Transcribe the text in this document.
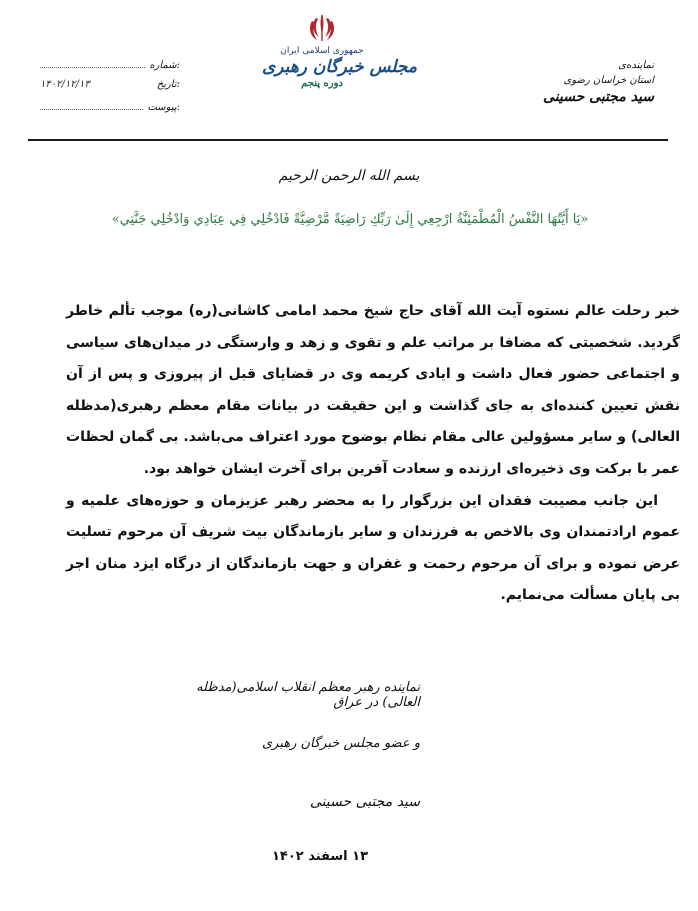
شماره:
تاریخ:
۱۴۰۲/۱۲/۱۳
پیوست:
جمهوری اسلامی ایران
مجلس خبرگان رهبری
دوره پنجم
نماینده‌ی
استان خراسان رضوی
سید مجتبی حسینی
بسم الله الرحمن الرحیم
«يَا أَيَّتُهَا النَّفْسُ الْمُطْمَئِنَّةُ ارْجِعِي إِلَىٰ رَبِّكِ رَاضِيَةً مَّرْضِيَّةً فَادْخُلِي فِي عِبَادِي وَادْخُلِي جَنَّتِي»

خبر رحلت عالم نستوه آیت الله آقای حاج شیخ محمد امامی کاشانی(ره) موجب تألم خاطر گردید. شخصیتی که مضافا بر مراتب علم و تقوی و زهد و وارستگی در میدان‌های سیاسی و اجتماعی حضور فعال داشت و ایادی کریمه وی در قضایای قبل از پیروزی و پس از آن نقش تعیین کننده‌ای به جای گذاشت و این حقیقت در بیانات مقام معظم رهبری(مدظله العالی) و سایر مسؤولین عالی مقام نظام بوضوح مورد اعتراف می‌باشد. بی گمان لحظات عمر با برکت وی ذخیره‌ای ارزنده و سعادت آفرین برای آخرت ایشان خواهد بود.

این جانب مصیبت فقدان این بزرگوار را به محضر رهبر عزیزمان و حوزه‌های علمیه و عموم ارادتمندان وی بالاخص به فرزندان و سایر بازماندگان بیت شریف آن مرحوم تسلیت عرض نموده و برای آن مرحوم رحمت و غفران و جهت بازماندگان از درگاه ایزد منان اجر بی پایان مسألت می‌نمایم.

نماینده رهبر معظم انقلاب اسلامی(مدظله العالی) در عراق
و عضو مجلس خبرگان رهبری
سید مجتبی حسینی
۱۳ اسفند ۱۴۰۲
